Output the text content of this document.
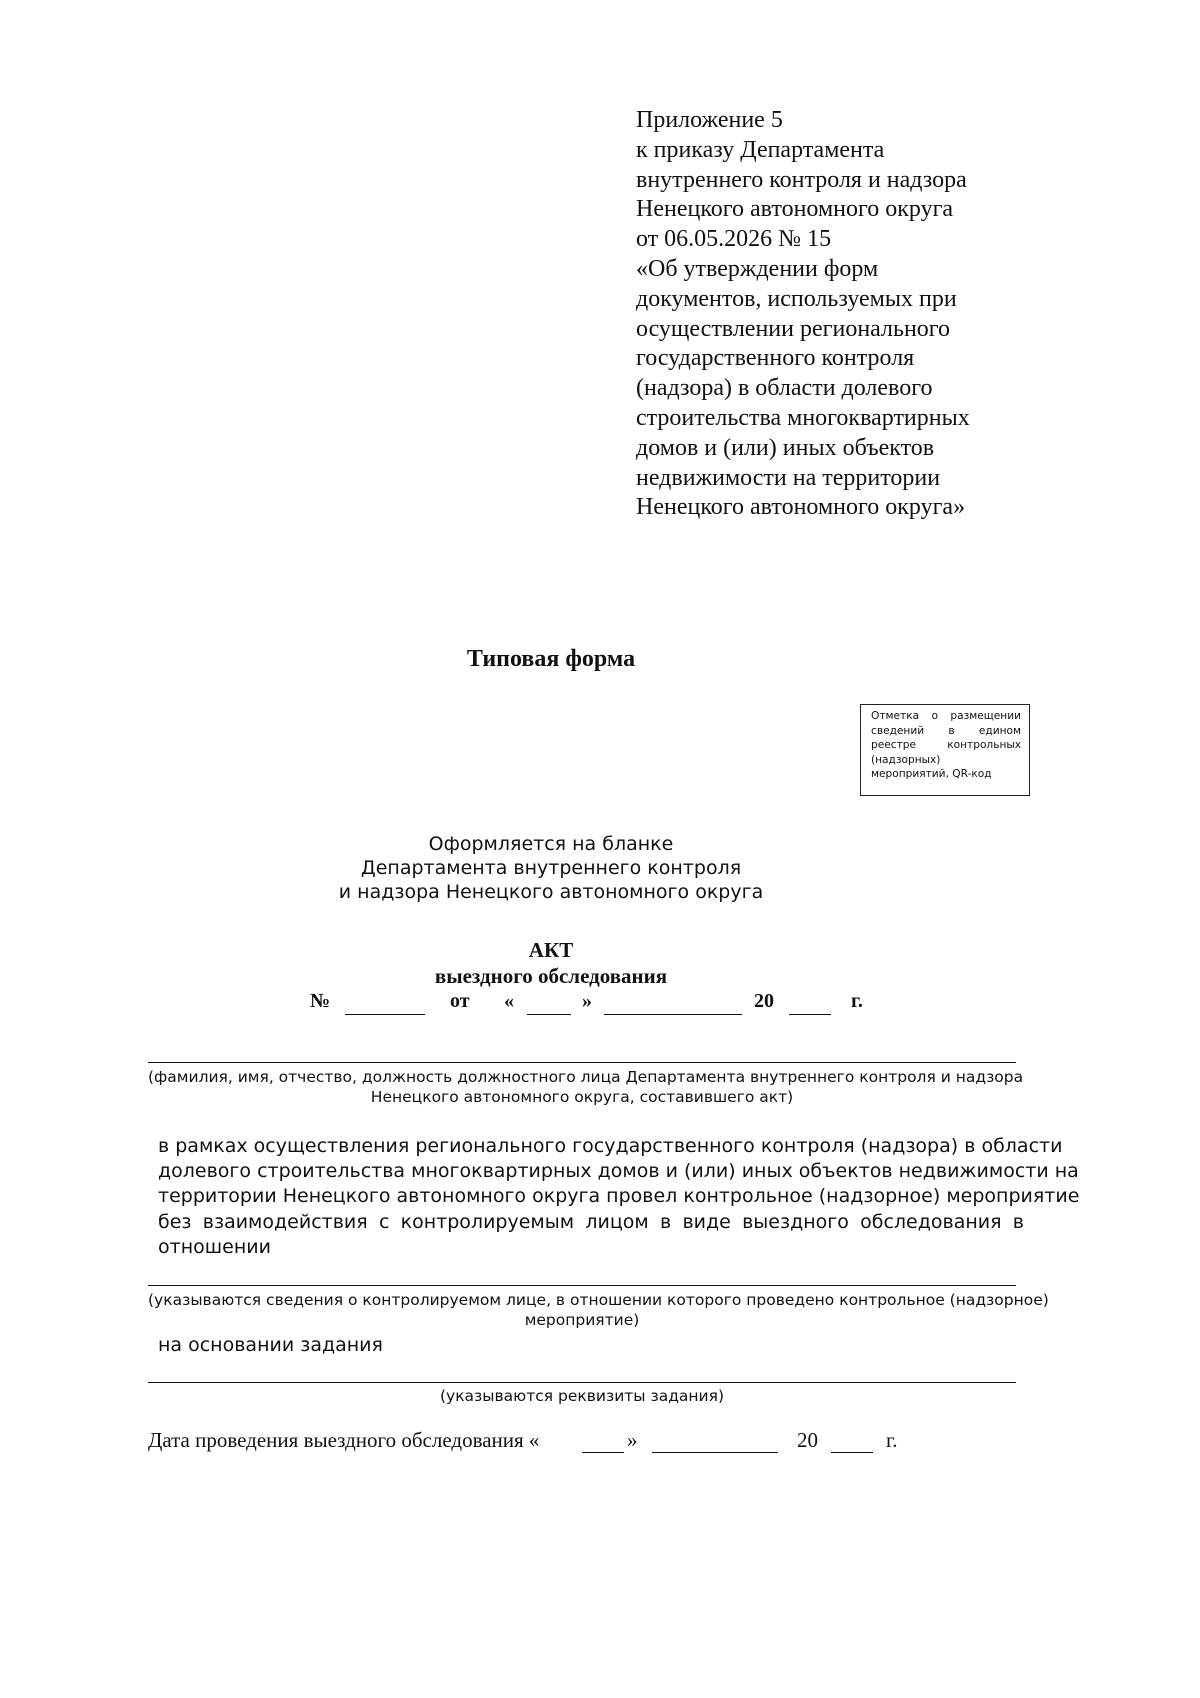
Приложение 5
к приказу Департамента
внутреннего контроля и надзора
Ненецкого автономного округа
от 06.05.2026 № 15
«Об утверждении форм
документов, используемых при
осуществлении регионального
государственного контроля
(надзора) в области долевого
строительства многоквартирных
домов и (или) иных объектов
недвижимости на территории
Ненецкого автономного округа»
Типовая форма
Отметка о размещении сведений в едином реестре контрольных (надзорных) мероприятий, QR-код
Оформляется на бланке
Департамента внутреннего контроля
и надзора Ненецкого автономного округа
АКТ
выездного обследования
№	от «	»	20	г.
(фамилия, имя, отчество, должность должностного лица Департамента внутреннего контроля и надзора
Ненецкого автономного округа, составившего акт)
в рамках осуществления регионального государственного контроля (надзора) в области
долевого строительства многоквартирных домов и (или) иных объектов недвижимости на
территории Ненецкого автономного округа провел контрольное (надзорное) мероприятие
без взаимодействия с контролируемым лицом в виде выездного обследования в
отношении
(указываются сведения о контролируемом лице, в отношении которого проведено контрольное (надзорное)
мероприятие)
на основании задания
(указываются реквизиты задания)
Дата проведения выездного обследования «	»	20	г.
